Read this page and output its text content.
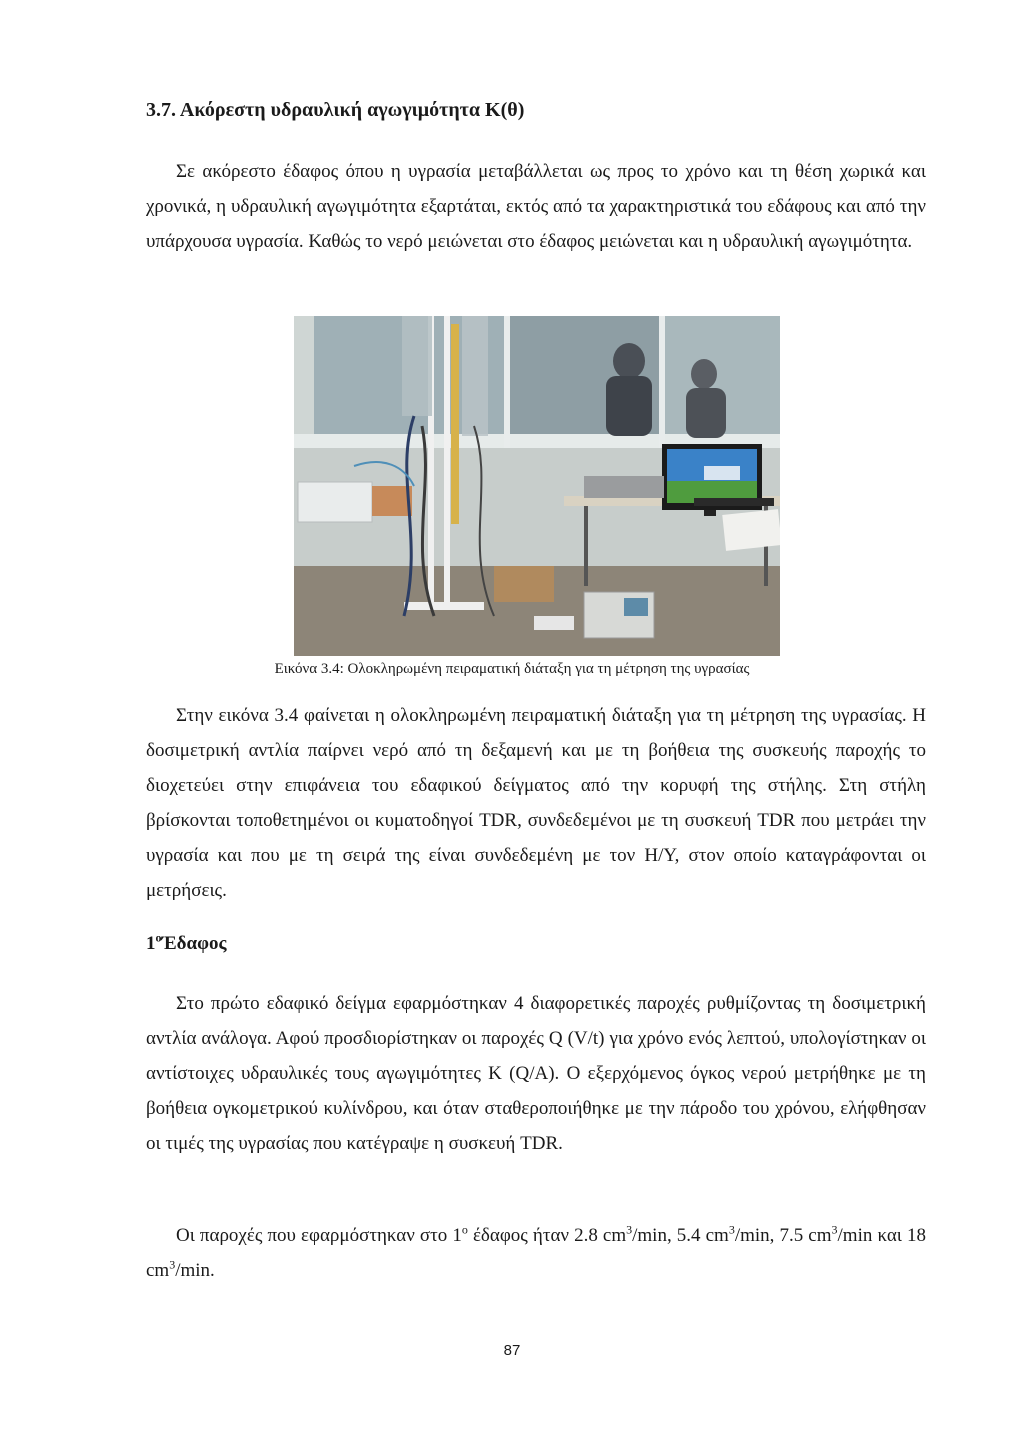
3.7. Ακόρεστη υδραυλική αγωγιμότητα Κ(θ)

Σε ακόρεστο έδαφος όπου η υγρασία μεταβάλλεται ως προς το χρόνο και τη θέση χωρικά και χρονικά, η υδραυλική αγωγιμότητα εξαρτάται, εκτός από τα χαρακτηριστικά του εδάφους και από την υπάρχουσα υγρασία. Καθώς το νερό μειώνεται στο έδαφος μειώνεται και η υδραυλική αγωγιμότητα.

Εικόνα 3.4: Ολοκληρωμένη πειραματική διάταξη για τη μέτρηση της υγρασίας

Στην εικόνα 3.4 φαίνεται η ολοκληρωμένη πειραματική διάταξη για τη μέτρηση της υγρασίας. Η δοσιμετρική αντλία παίρνει νερό από τη δεξαμενή και με τη βοήθεια της συσκευής παροχής το διοχετεύει στην επιφάνεια του εδαφικού δείγματος από την κορυφή της στήλης. Στη στήλη βρίσκονται τοποθετημένοι οι κυματοδηγοί TDR, συνδεδεμένοι με τη συσκευή TDR που μετράει την υγρασία και που με τη σειρά της είναι συνδεδεμένη με τον Η/Υ, στον οποίο καταγράφονται οι μετρήσεις.

$1^oΈ\delta\alpha\varphi o\varsigma$

Στο πρώτο εδαφικό δείγμα εφαρμόστηκαν 4 διαφορετικές παροχές ρυθμίζοντας τη δοσιμετρική αντλία ανάλογα. Αφού προσδιορίστηκαν οι παροχές Q (V/t) για χρόνο ενός λεπτού, υπολογίστηκαν οι αντίστοιχες υδραυλικές τους αγωγιμότητες Κ (Q/A). Ο εξερχόμενος όγκος νερού μετρήθηκε με τη βοήθεια ογκομετρικού κυλίνδρου, και όταν σταθεροποιήθηκε με την πάροδο του χρόνου, ελήφθησαν οι τιμές της υγρασίας που κατέγραψε η συσκευή TDR.

Οι παροχές που εφαρμόστηκαν στο $1^o$ έδαφος ήταν 2.8 $cm^3/\min$, 5.4 $cm^3/\min$, 7.5 $cm^3/\min$ και 18 $cm^3/\min$.

87
